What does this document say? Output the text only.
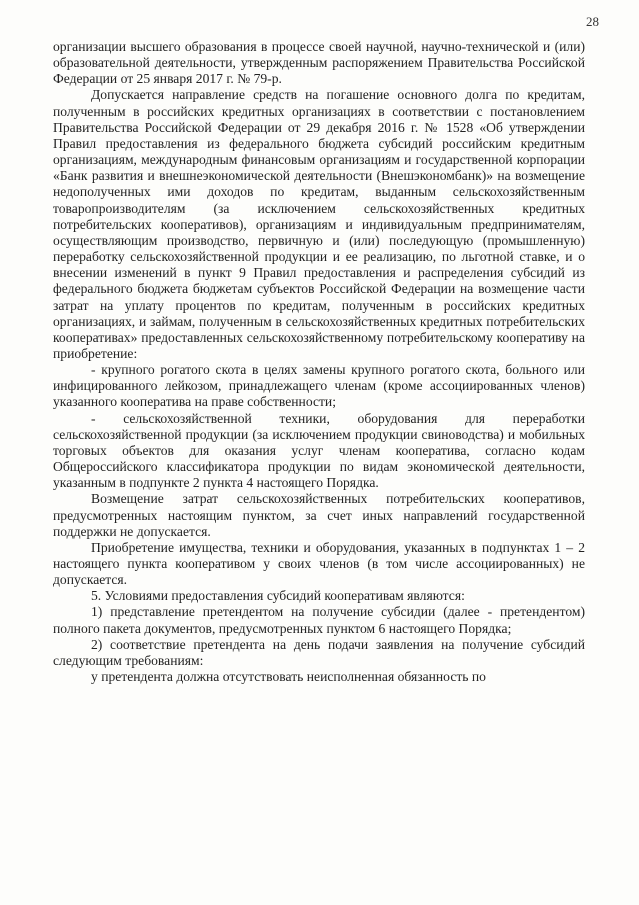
28

организации высшего образования в процессе своей научной, научно-технической и (или) образовательной деятельности, утвержденным распоряжением Правительства Российской Федерации от 25 января 2017 г. № 79-р.

Допускается направление средств на погашение основного долга по кредитам, полученным в российских кредитных организациях в соответствии с постановлением Правительства Российской Федерации от 29 декабря 2016 г. № 1528 «Об утверждении Правил предоставления из федерального бюджета субсидий российским кредитным организациям, международным финансовым организациям и государственной корпорации «Банк развития и внешнеэкономической деятельности (Внешэкономбанк)» на возмещение недополученных ими доходов по кредитам, выданным сельскохозяйственным товаропроизводителям (за исключением сельскохозяйственных кредитных потребительских кооперативов), организациям и индивидуальным предпринимателям, осуществляющим производство, первичную и (или) последующую (промышленную) переработку сельскохозяйственной продукции и ее реализацию, по льготной ставке, и о внесении изменений в пункт 9 Правил предоставления и распределения субсидий из федерального бюджета бюджетам субъектов Российской Федерации на возмещение части затрат на уплату процентов по кредитам, полученным в российских кредитных организациях, и займам, полученным в сельскохозяйственных кредитных потребительских кооперативах» предоставленных сельскохозяйственному потребительскому кооперативу на приобретение:

- крупного рогатого скота в целях замены крупного рогатого скота, больного или инфицированного лейкозом, принадлежащего членам (кроме ассоциированных членов) указанного кооператива на праве собственности;

- сельскохозяйственной техники, оборудования для переработки сельскохозяйственной продукции (за исключением продукции свиноводства) и мобильных торговых объектов для оказания услуг членам кооператива, согласно кодам Общероссийского классификатора продукции по видам экономической деятельности, указанным в подпункте 2 пункта 4 настоящего Порядка.

Возмещение затрат сельскохозяйственных потребительских кооперативов, предусмотренных настоящим пунктом, за счет иных направлений государственной поддержки не допускается.

Приобретение имущества, техники и оборудования, указанных в подпунктах 1 – 2 настоящего пункта кооперативом у своих членов (в том числе ассоциированных) не допускается.

5. Условиями предоставления субсидий кооперативам являются:

1) представление претендентом на получение субсидии (далее - претендентом) полного пакета документов, предусмотренных пунктом 6 настоящего Порядка;

2) соответствие претендента на день подачи заявления на получение субсидий следующим требованиям:

у претендента должна отсутствовать неисполненная обязанность по
